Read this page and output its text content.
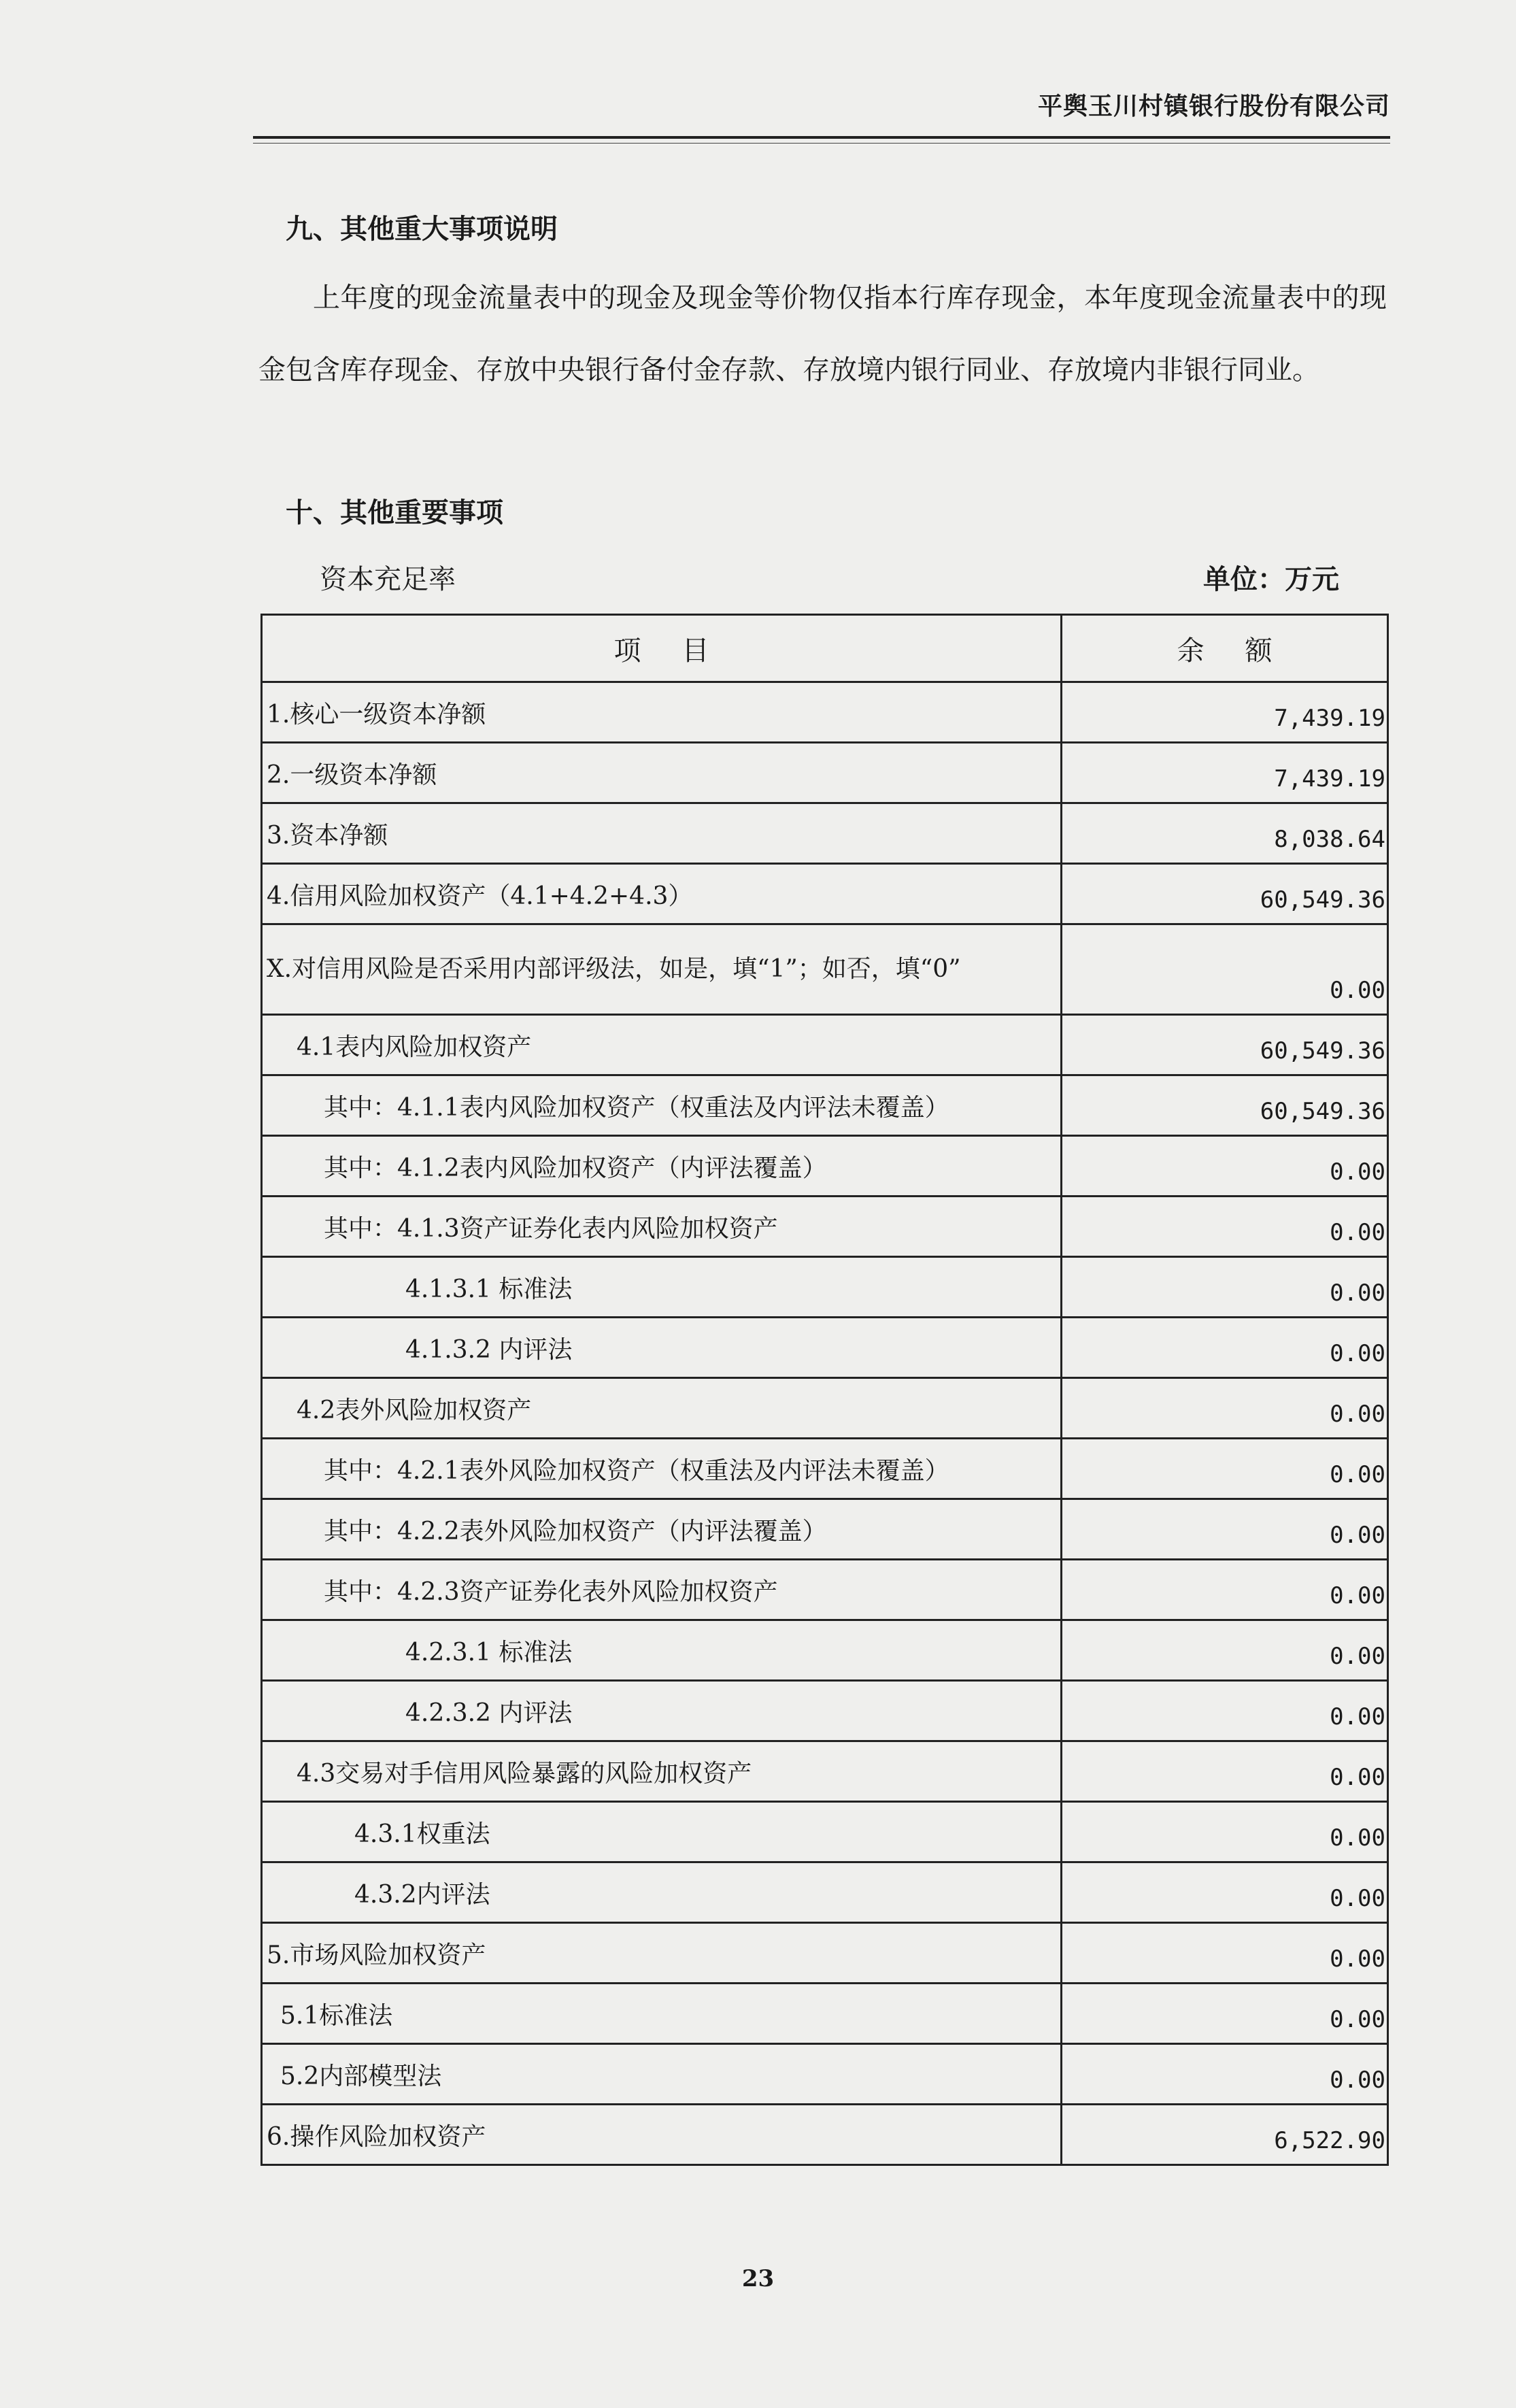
平舆玉川村镇银行股份有限公司
九、其他重大事项说明
上年度的现金流量表中的现金及现金等价物仅指本行库存现金，本年度现金流量表中的现金包含库存现金、存放中央银行备付金存款、存放境内银行同业、存放境内非银行同业。
十、其他重要事项
资本充足率	单位：万元
项目	余额
1.核心一级资本净额	7,439.19
2.一级资本净额	7,439.19
3.资本净额	8,038.64
4.信用风险加权资产（4.1+4.2+4.3）	60,549.36
X.对信用风险是否采用内部评级法，如是，填“1”；如否，填“0”	0.00
4.1表内风险加权资产	60,549.36
其中：4.1.1表内风险加权资产（权重法及内评法未覆盖）	60,549.36
其中：4.1.2表内风险加权资产（内评法覆盖）	0.00
其中：4.1.3资产证券化表内风险加权资产	0.00
4.1.3.1 标准法	0.00
4.1.3.2 内评法	0.00
4.2表外风险加权资产	0.00
其中：4.2.1表外风险加权资产（权重法及内评法未覆盖）	0.00
其中：4.2.2表外风险加权资产（内评法覆盖）	0.00
其中：4.2.3资产证券化表外风险加权资产	0.00
4.2.3.1 标准法	0.00
4.2.3.2 内评法	0.00
4.3交易对手信用风险暴露的风险加权资产	0.00
4.3.1权重法	0.00
4.3.2内评法	0.00
5.市场风险加权资产	0.00
5.1标准法	0.00
5.2内部模型法	0.00
6.操作风险加权资产	6,522.90
23
